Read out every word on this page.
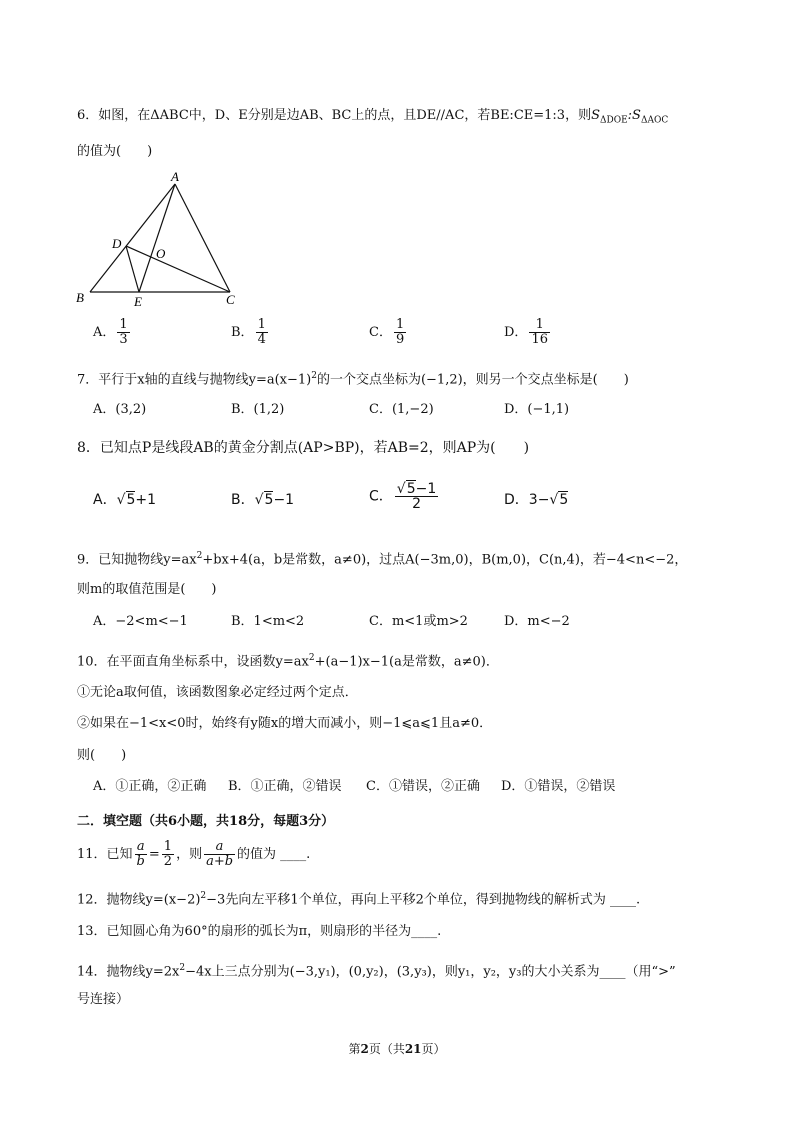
6．如图，在ΔABC中，D、E分别是边AB、BC上的点，且DE//AC，若BE:CE=1:3，则$S_{\Delta DOE}:S_{\Delta AOC}$
的值为(　　)
A
B	C
D
E
O
A． $\frac{1}{3}$	B． $\frac{1}{4}$	C． $\frac{1}{9}$	D． $\frac{1}{16}$
7．平行于x轴的直线与抛物线$y=a(x-1)^2$的一个交点坐标为(−1,2)，则另一个交点坐标是(　　)
A．(3,2)	B．(1,2)	C．(1,−2)	D．(−1,1)
8．已知点P是线段AB的黄金分割点(AP>BP)，若AB=2，则AP为(　　)
A．√5+1	B．√5−1	C． $\frac{√5-1}{2}$	D．3−√5
9．已知抛物线$y=ax^2+bx+4(a$，b是常数，a≠0)，过点A(−3m,0)，B(m,0)，C(n,4)，若−4<n<−2，
则m的取值范围是(　　)
A．−2<m<−1	B．1<m<2	C．m<1或m>2	D．m<−2
10．在平面直角坐标系中，设函数$y=ax^2+(a-1)x-1(a$是常数，a≠0)．
①无论a取何值，该函数图象必定经过两个定点．
②如果在−1<x<0时，始终有y随x的增大而减小，则−1⩽a⩽1且a≠0．
则(　　)
A．①正确，②正确 B．①正确，②错误 C．①错误，②正确 D．①错误，②错误
二．填空题（共6小题，共18分，每题3分）
11．已知 $\frac{a}{b} = \frac{1}{2}$ ，则 $\frac{a}{a+b}$ 的值为 ____.
12．抛物线$y=(x-2)^2-3$先向左平移1个单位，再向上平移2个单位，得到抛物线的解析式为 ____.
13．已知圆心角为60°的扇形的弧长为π，则扇形的半径为____.
14．抛物线$y=2x^2-4x$上三点分别为(−3,y₁)，(0,y₂)，(3,y₃)，则y₁，y₂，y₃的大小关系为____（用“>”
号连接）
第2页（共21页）
